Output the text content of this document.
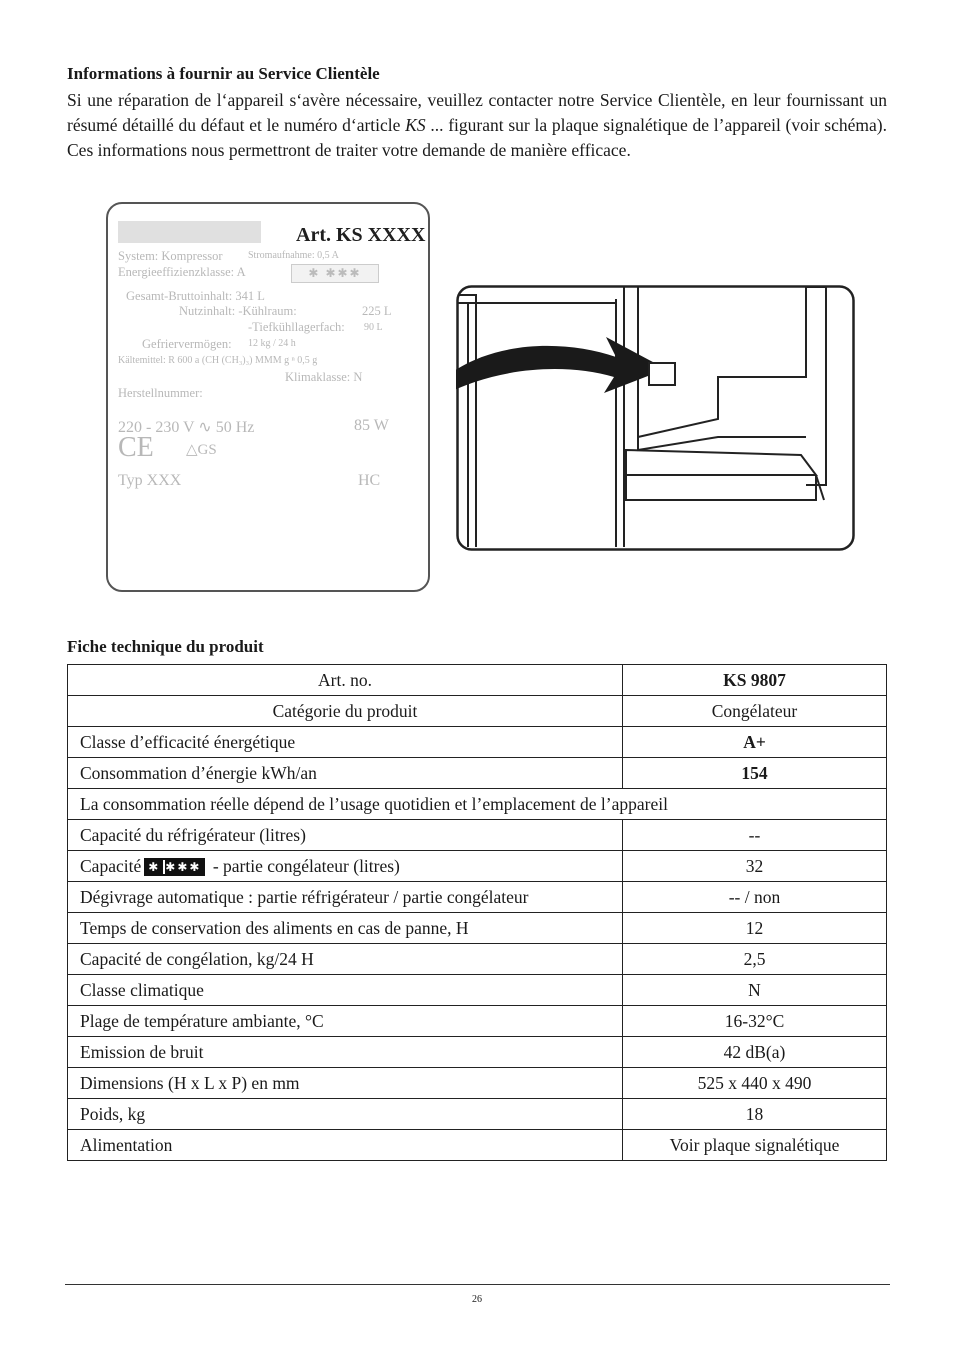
Informations à fournir au Service Clientèle

Si une réparation de l‘appareil s‘avère nécessaire, veuillez contacter notre Service Clientèle, en leur fournissant un résumé détaillé du défaut et le numéro d‘article KS ... figurant sur la plaque signalétique de l’appareil (voir schéma). Ces informations nous permettront de traiter votre demande de manière efficace.

Art. KS XXXX
System: Kompressor	Stromaufnahme: 0,5 A
Energieeffizienzklasse: A	✱ ✱✱✱
Gesamt-Bruttoinhalt: 341 L
Nutzinhalt: -Kühlraum:	225 L
-Tiefkühllagerfach: 90 L
Gefriervermögen: 12 kg / 24 h
Kältemittel: R 600 a (CH (CH₃)₃) MMM g ⁿ 0,5 g
Klimaklasse: N
Herstellnummer:
220 - 230 V ∿ 50 Hz	85 W
CE △GS
Typ XXX	HC
Fiche technique du produit
Art. no.	KS 9807
Catégorie du produit	Congélateur
Classe d’efficacité énergétique	A+
Consommation d’énergie kWh/an	154
La consommation réelle dépend de l’usage quotidien et l’emplacement de l’appareil	
Capacité du réfrigérateur (litres)	--
Capacité ✱ ✱✱✱ - partie congélateur (litres)	32
Dégivrage automatique : partie réfrigérateur / partie congélateur	-- / non
Temps de conservation des aliments en cas de panne, H	12
Capacité de congélation, kg/24 H	2,5
Classe climatique	N
Plage de température ambiante, °C	16-32°C
Emission de bruit	42 dB(a)
Dimensions (H x L x P) en mm	525 x 440 x 490
Poids, kg	18
Alimentation	Voir plaque signalétique
26
